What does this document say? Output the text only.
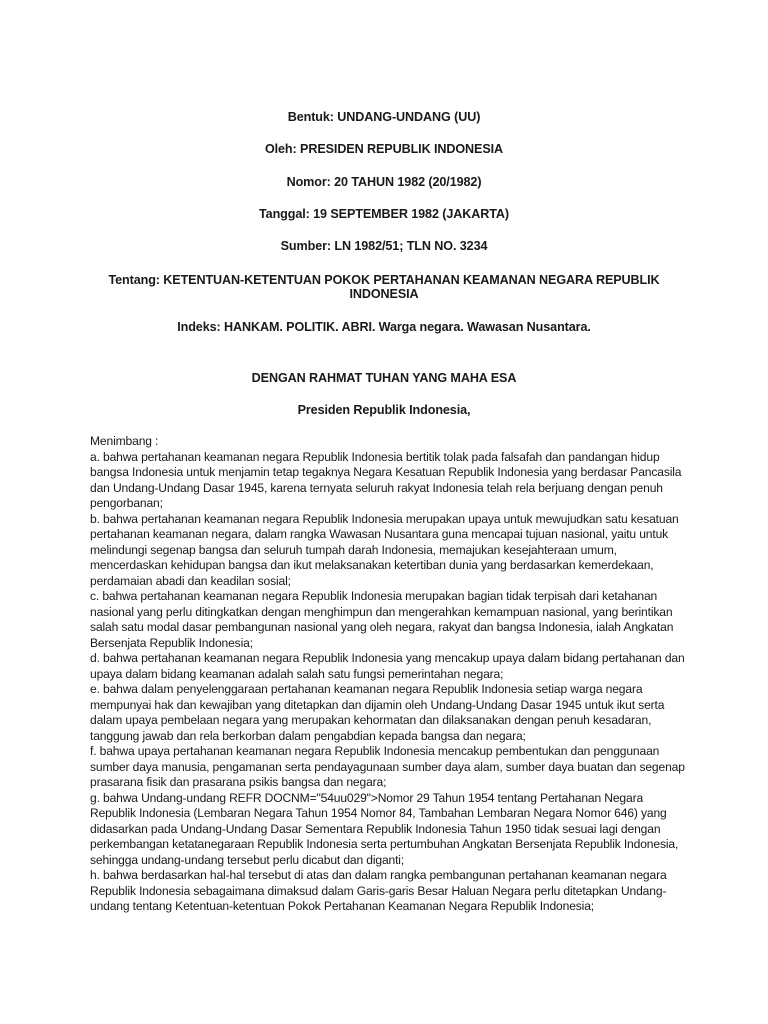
Bentuk: UNDANG-UNDANG (UU)

Oleh: PRESIDEN REPUBLIK INDONESIA

Nomor: 20 TAHUN 1982 (20/1982)

Tanggal: 19 SEPTEMBER 1982 (JAKARTA)

Sumber: LN 1982/51; TLN NO. 3234

Tentang: KETENTUAN-KETENTUAN POKOK PERTAHANAN KEAMANAN NEGARA REPUBLIK INDONESIA

Indeks: HANKAM. POLITIK. ABRI. Warga negara. Wawasan Nusantara.

DENGAN RAHMAT TUHAN YANG MAHA ESA

Presiden Republik Indonesia,

Menimbang :

a. bahwa pertahanan keamanan negara Republik Indonesia bertitik tolak pada falsafah dan pandangan hidup bangsa Indonesia untuk menjamin tetap tegaknya Negara Kesatuan Republik Indonesia yang berdasar Pancasila dan Undang-Undang Dasar 1945, karena ternyata seluruh rakyat Indonesia telah rela berjuang dengan penuh pengorbanan;

b. bahwa pertahanan keamanan negara Republik Indonesia merupakan upaya untuk mewujudkan satu kesatuan pertahanan keamanan negara, dalam rangka Wawasan Nusantara guna mencapai tujuan nasional, yaitu untuk melindungi segenap bangsa dan seluruh tumpah darah Indonesia, memajukan kesejahteraan umum, mencerdaskan kehidupan bangsa dan ikut melaksanakan ketertiban dunia yang berdasarkan kemerdekaan, perdamaian abadi dan keadilan sosial;

c. bahwa pertahanan keamanan negara Republik Indonesia merupakan bagian tidak terpisah dari ketahanan nasional yang perlu ditingkatkan dengan menghimpun dan mengerahkan kemampuan nasional, yang berintikan salah satu modal dasar pembangunan nasional yang oleh negara, rakyat dan bangsa Indonesia, ialah Angkatan Bersenjata Republik Indonesia;

d. bahwa pertahanan keamanan negara Republik Indonesia yang mencakup upaya dalam bidang pertahanan dan upaya dalam bidang keamanan adalah salah satu fungsi pemerintahan negara;

e. bahwa dalam penyelenggaraan pertahanan keamanan negara Republik Indonesia setiap warga negara mempunyai hak dan kewajiban yang ditetapkan dan dijamin oleh Undang-Undang Dasar 1945 untuk ikut serta dalam upaya pembelaan negara yang merupakan kehormatan dan dilaksanakan dengan penuh kesadaran, tanggung jawab dan rela berkorban dalam pengabdian kepada bangsa dan negara;

f. bahwa upaya pertahanan keamanan negara Republik Indonesia mencakup pembentukan dan penggunaan sumber daya manusia, pengamanan serta pendayagunaan sumber daya alam, sumber daya buatan dan segenap prasarana fisik dan prasarana psikis bangsa dan negara;

g. bahwa Undang-undang REFR DOCNM="54uu029">Nomor 29 Tahun 1954 tentang Pertahanan Negara Republik Indonesia (Lembaran Negara Tahun 1954 Nomor 84, Tambahan Lembaran Negara Nomor 646) yang didasarkan pada Undang-Undang Dasar Sementara Republik Indonesia Tahun 1950 tidak sesuai lagi dengan perkembangan ketatanegaraan Republik Indonesia serta pertumbuhan Angkatan Bersenjata Republik Indonesia, sehingga undang-undang tersebut perlu dicabut dan diganti;

h. bahwa berdasarkan hal-hal tersebut di atas dan dalam rangka pembangunan pertahanan keamanan negara Republik Indonesia sebagaimana dimaksud dalam Garis-garis Besar Haluan Negara perlu ditetapkan Undang-undang tentang Ketentuan-ketentuan Pokok Pertahanan Keamanan Negara Republik Indonesia;
